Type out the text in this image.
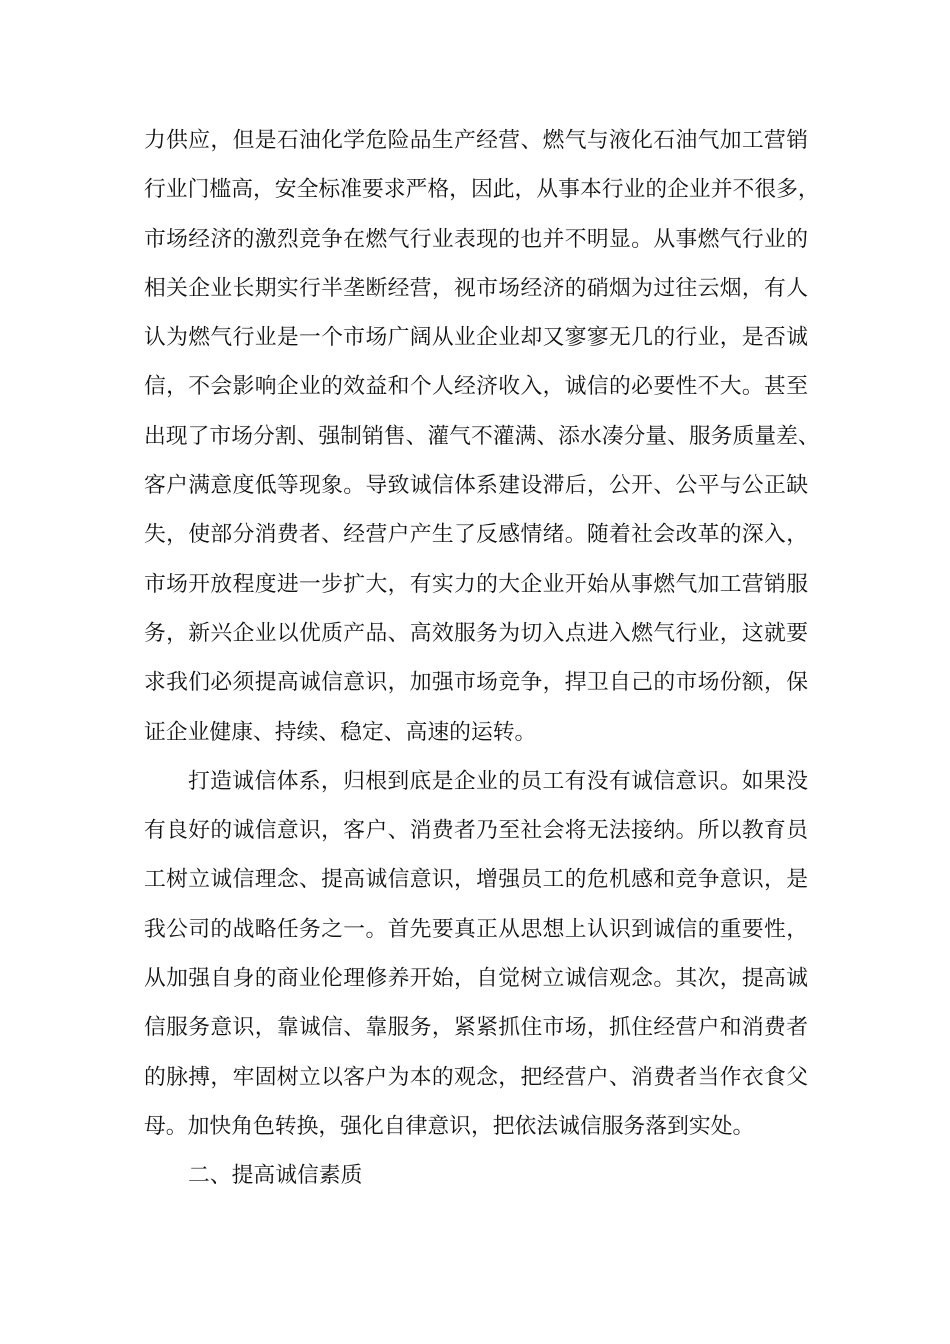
力供应，但是石油化学危险品生产经营、燃气与液化石油气加工营销
行业门槛高，安全标准要求严格，因此，从事本行业的企业并不很多，
市场经济的激烈竞争在燃气行业表现的也并不明显。从事燃气行业的
相关企业长期实行半垄断经营，视市场经济的硝烟为过往云烟，有人
认为燃气行业是一个市场广阔从业企业却又寥寥无几的行业，是否诚
信，不会影响企业的效益和个人经济收入，诚信的必要性不大。甚至
出现了市场分割、强制销售、灌气不灌满、添水凑分量、服务质量差、
客户满意度低等现象。导致诚信体系建设滞后，公开、公平与公正缺
失，使部分消费者、经营户产生了反感情绪。随着社会改革的深入，
市场开放程度进一步扩大，有实力的大企业开始从事燃气加工营销服
务，新兴企业以优质产品、高效服务为切入点进入燃气行业，这就要
求我们必须提高诚信意识，加强市场竞争，捍卫自己的市场份额，保
证企业健康、持续、稳定、高速的运转。
打造诚信体系，归根到底是企业的员工有没有诚信意识。如果没
有良好的诚信意识，客户、消费者乃至社会将无法接纳。所以教育员
工树立诚信理念、提高诚信意识，增强员工的危机感和竞争意识，是
我公司的战略任务之一。首先要真正从思想上认识到诚信的重要性，
从加强自身的商业伦理修养开始，自觉树立诚信观念。其次，提高诚
信服务意识，靠诚信、靠服务，紧紧抓住市场，抓住经营户和消费者
的脉搏，牢固树立以客户为本的观念，把经营户、消费者当作衣食父
母。加快角色转换，强化自律意识，把依法诚信服务落到实处。
二、提高诚信素质
